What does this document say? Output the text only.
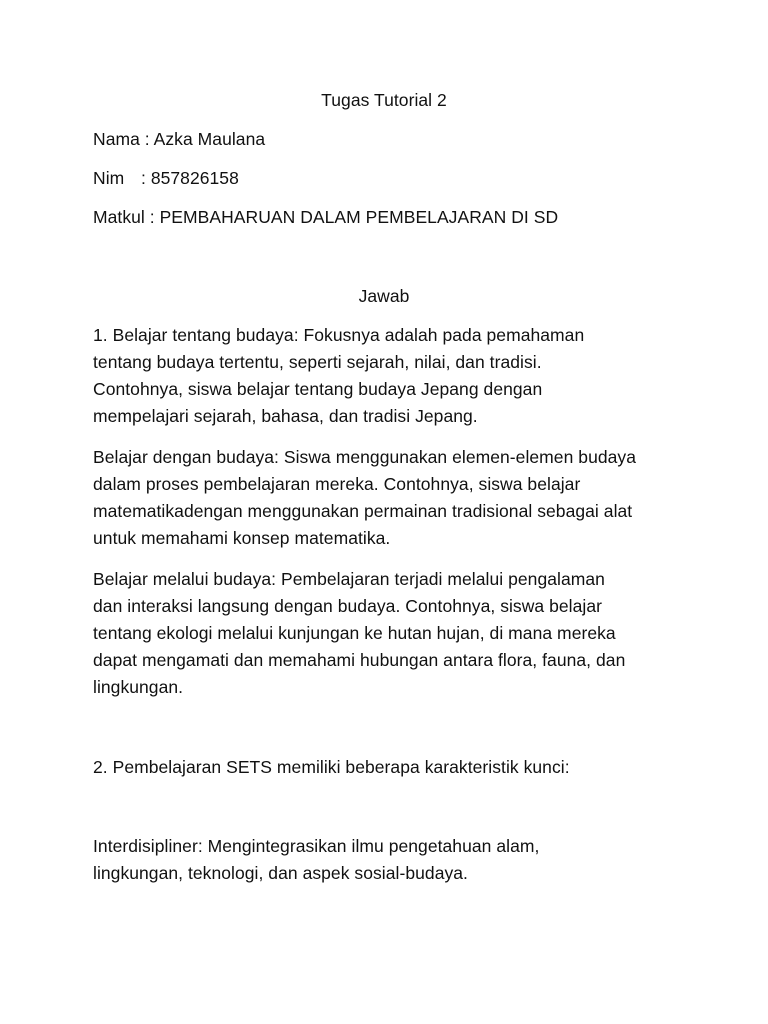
Tugas Tutorial 2
Nama : Azka Maulana
Nim : 857826158
Matkul : PEMBAHARUAN DALAM PEMBELAJARAN DI SD
Jawab
1. Belajar tentang budaya: Fokusnya adalah pada pemahaman
tentang budaya tertentu, seperti sejarah, nilai, dan tradisi.
Contohnya, siswa belajar tentang budaya Jepang dengan
mempelajari sejarah, bahasa, dan tradisi Jepang.
Belajar dengan budaya: Siswa menggunakan elemen-elemen budaya
dalam proses pembelajaran mereka. Contohnya, siswa belajar
matematikadengan menggunakan permainan tradisional sebagai alat
untuk memahami konsep matematika.
Belajar melalui budaya: Pembelajaran terjadi melalui pengalaman
dan interaksi langsung dengan budaya. Contohnya, siswa belajar
tentang ekologi melalui kunjungan ke hutan hujan, di mana mereka
dapat mengamati dan memahami hubungan antara flora, fauna, dan
lingkungan.
2. Pembelajaran SETS memiliki beberapa karakteristik kunci:
Interdisipliner: Mengintegrasikan ilmu pengetahuan alam,
lingkungan, teknologi, dan aspek sosial-budaya.
